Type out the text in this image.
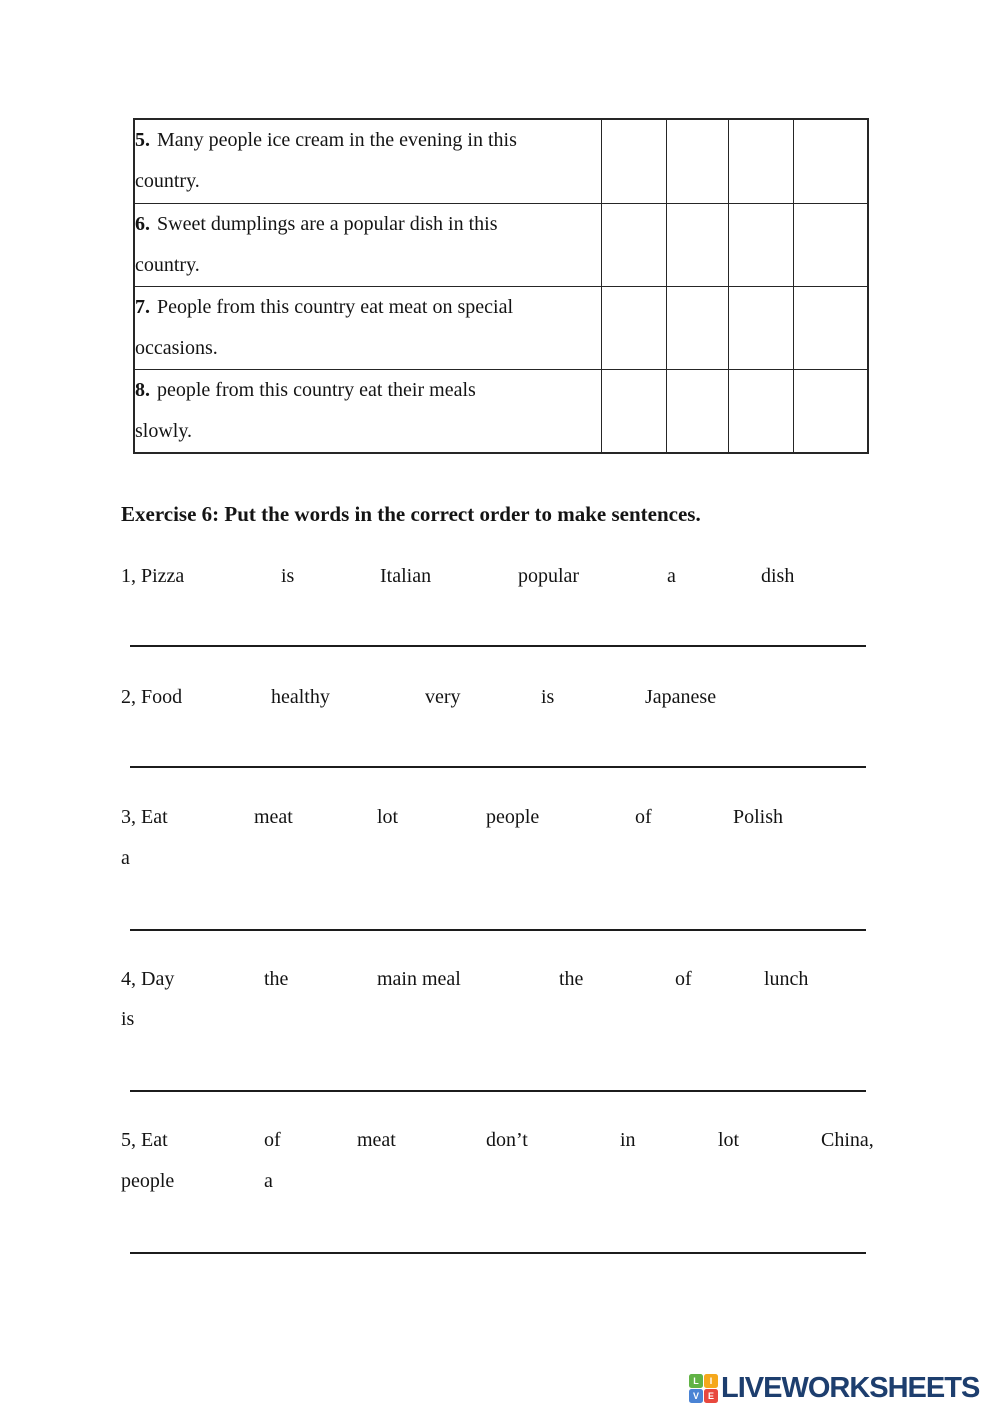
5. Many people ice cream in the evening in this
country.				

6. Sweet dumplings are a popular dish in this
country.				

7. People from this country eat meat on special
occasions.				

8. people from this country eat their meals
slowly.				

Exercise 6: Put the words in the correct order to make sentences.
1, Pizza	is	Italian	popular	a	dish
2, Food	healthy	very	is	Japanese
3, Eat	meat	lot	people	of	Polish
a
4, Day	the	main meal	the	of	lunch
is
5, Eat	of	meat	don’t	in	lot	China,
people	a
L	I
V E LIVEWORKSHEETS
